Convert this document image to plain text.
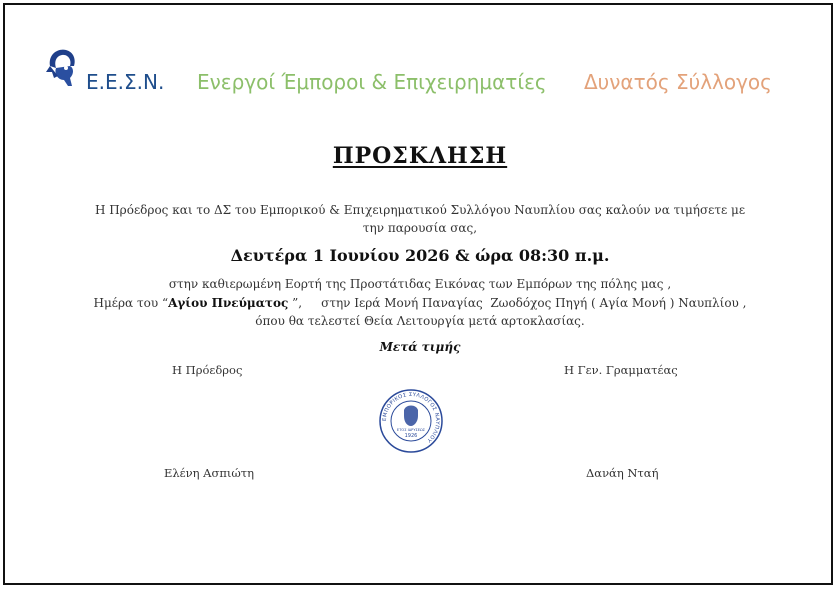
Ε.Ε.Σ.Ν. Ενεργοί Έμποροι & Επιχειρηματίες Δυνατός Σύλλογος
ΠΡΟΣΚΛΗΣΗ
Η Πρόεδρος και το ΔΣ του Εμπορικού & Επιχειρηματικού Συλλόγου Ναυπλίου σας καλούν να τιμήσετε με
την παρουσία σας,
Δευτέρα 1 Ιουνίου 2026 & ώρα 08:30 π.μ.
στην καθιερωμένη Εορτή της Προστάτιδας Εικόνας των Εμπόρων της πόλης μας ,
Ημέρα του “Αγίου Πνεύματος ”,     στην Ιερά Μονή Παναγίας  Ζωοδόχος Πηγή ( Αγία Μονή ) Ναυπλίου ,
όπου θα τελεστεί Θεία Λειτουργία μετά αρτοκλασίας.
Μετά τιμής
Η Πρόεδρος	Η Γεν. Γραμματέας
ΕΜΠΟΡΙΚΟΣ ΣΥΛΛΟΓΟΣ ΝΑΥΠΛΙΟΥ
ΕΤΟΣ ΙΔΡΥΣΕΩΣ
1926
Ελένη Ασπιώτη	Δανάη Νταή
